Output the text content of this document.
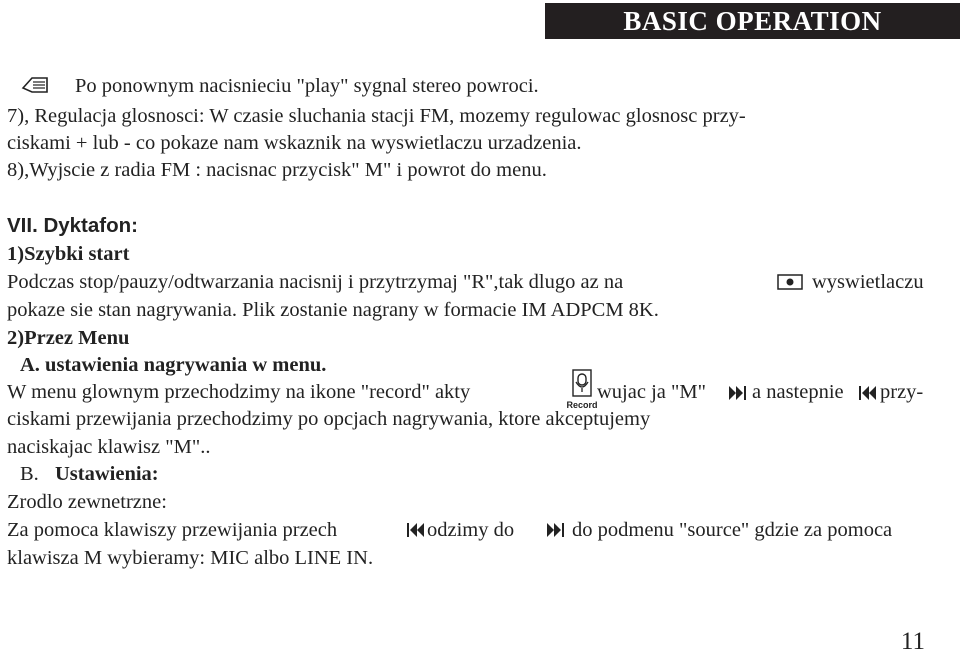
BASIC OPERATION
Po ponownym nacisnieciu "play" sygnal stereo powroci.
7), Regulacja glosnosci: W czasie sluchania stacji FM, mozemy regulowac glosnosc przy-
ciskami + lub - co pokaze nam wskaznik na wyswietlaczu urzadzenia.
8),Wyjscie z radia FM : nacisnac przycisk" M" i powrot do menu.
VII. Dyktafon:
1)Szybki start
Podczas stop/pauzy/odtwarzania nacisnij i przytrzymaj "R",tak dlugo az na	wyswietlaczu
pokaze sie stan nagrywania. Plik zostanie nagrany w formacie IM ADPCM 8K.
2)Przez Menu
A. ustawienia nagrywania w menu.
W menu glownym przechodzimy na ikone "record" akty
Record
wujac ja "M" a nastepnie przy-
ciskami przewijania przechodzimy po opcjach nagrywania, ktore akceptujemy
naciskajac klawisz "M"..
B. Ustawienia:
Zrodlo zewnetrzne:
Za pomoca klawiszy przewijania przech	odzimy do	do podmenu "source" gdzie za pomoca
klawisza M wybieramy: MIC albo LINE IN.
11
